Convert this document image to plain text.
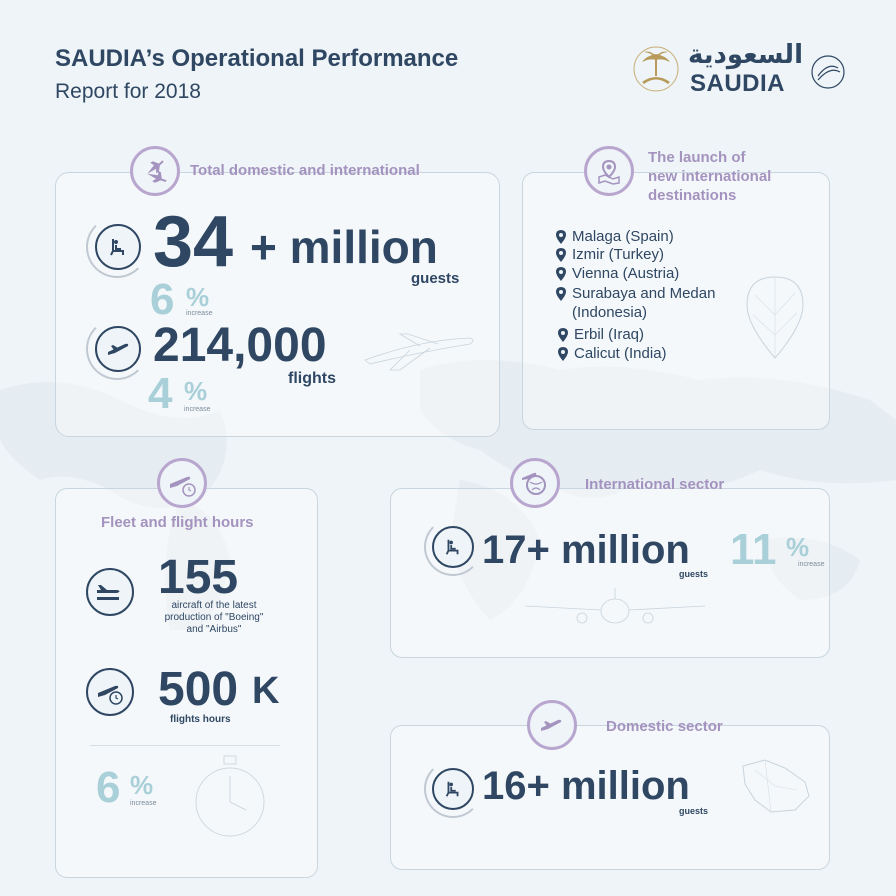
SAUDIA’s Operational Performance
Report for 2018
السعودية
SAUDIA
Total domestic and international
34 + million
guests
6 %
increase
214,000
flights
4 %
increase
The launch of
new international
destinations
Malaga (Spain)
Izmir (Turkey)
Vienna (Austria)
Surabaya and Medan
(Indonesia)
Erbil (Iraq)
Calicut (India)
Fleet and flight hours
155
aircraft of the latest
production of "Boeing"
and "Airbus"
500 K
flights hours
6 %
increase
International sector
17+ million
guests 11 %
increase
Domestic sector
16+ million
guests
